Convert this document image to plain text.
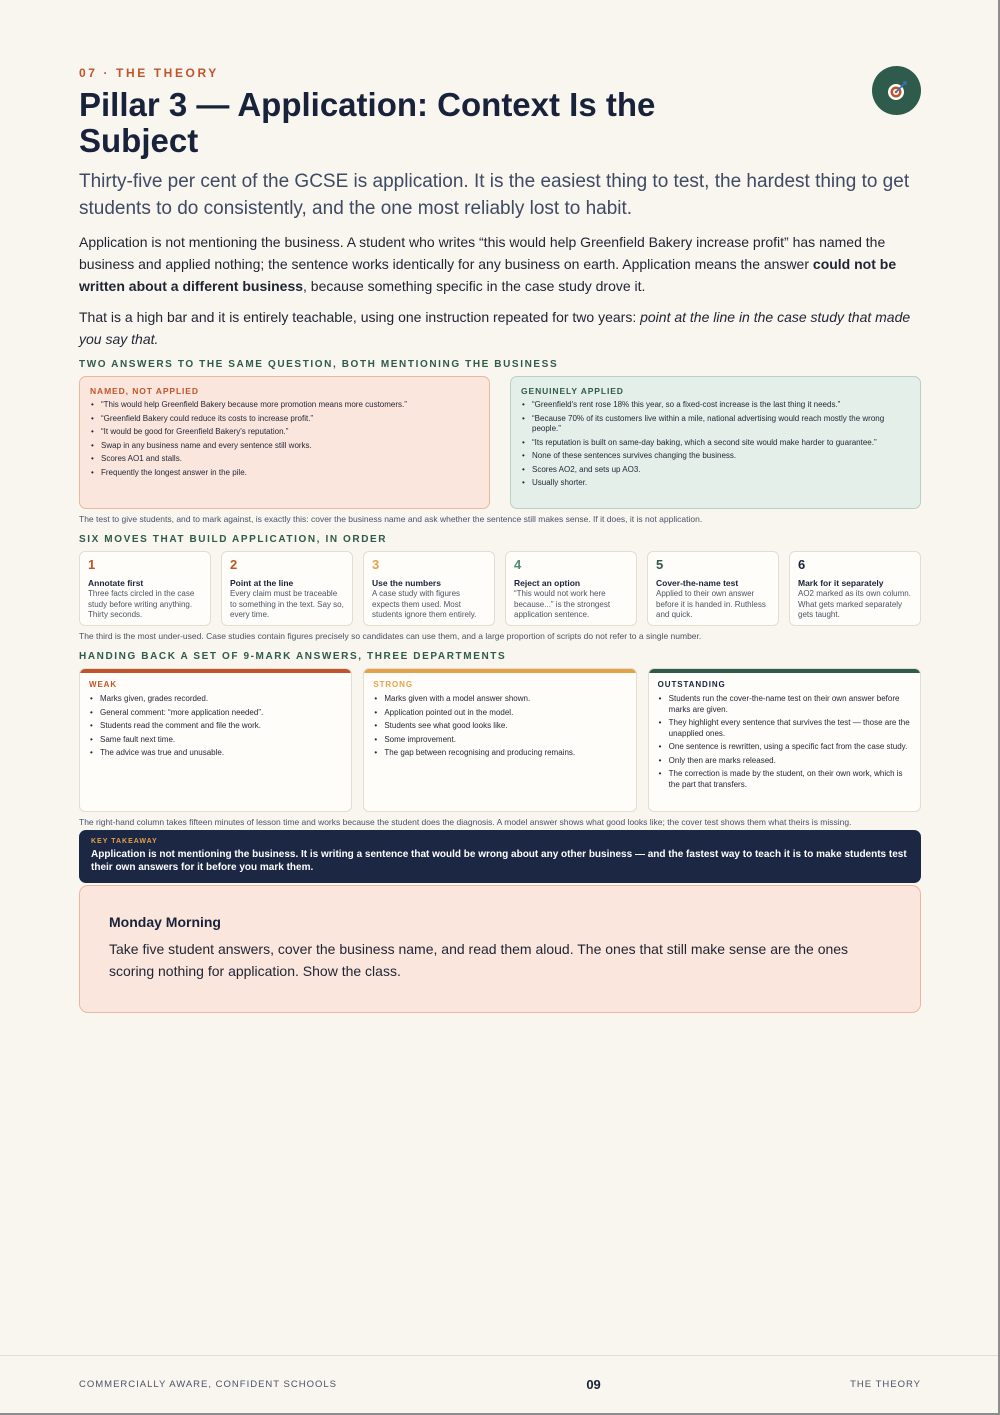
07 · THE THEORY
Pillar 3 — Application: Context Is the Subject

Thirty-five per cent of the GCSE is application. It is the easiest thing to test, the hardest thing to get students to do consistently, and the one most reliably lost to habit.

Application is not mentioning the business. A student who writes “this would help Greenfield Bakery increase profit” has named the business and applied nothing; the sentence works identically for any business on earth. Application means the answer could not be written about a different business, because something specific in the case study drove it.

That is a high bar and it is entirely teachable, using one instruction repeated for two years: point at the line in the case study that made you say that.

TWO ANSWERS TO THE SAME QUESTION, BOTH MENTIONING THE BUSINESS
NAMED, NOT APPLIED
• “This would help Greenfield Bakery because more promotion means more customers.”
• “Greenfield Bakery could reduce its costs to increase profit.”
• “It would be good for Greenfield Bakery's reputation.”
• Swap in any business name and every sentence still works.
• Scores AO1 and stalls.
• Frequently the longest answer in the pile.
GENUINELY APPLIED
• “Greenfield's rent rose 18% this year, so a fixed-cost increase is the last thing it needs.”
• “Because 70% of its customers live within a mile, national advertising would reach mostly the wrong people.”
• “Its reputation is built on same-day baking, which a second site would make harder to guarantee.”
• None of these sentences survives changing the business.
• Scores AO2, and sets up AO3.
• Usually shorter.

The test to give students, and to mark against, is exactly this: cover the business name and ask whether the sentence still makes sense. If it does, it is not application.

SIX MOVES THAT BUILD APPLICATION, IN ORDER
1
Annotate first
Three facts circled in the case study before writing anything. Thirty seconds.
2
Point at the line
Every claim must be traceable to something in the text. Say so, every time.
3
Use the numbers
A case study with figures expects them used. Most students ignore them entirely.
4
Reject an option
“This would not work here because...” is the strongest application sentence.
5
Cover-the-name test
Applied to their own answer before it is handed in. Ruthless and quick.
6
Mark for it separately
AO2 marked as its own column. What gets marked separately gets taught.

The third is the most under-used. Case studies contain figures precisely so candidates can use them, and a large proportion of scripts do not refer to a single number.

HANDING BACK A SET OF 9-MARK ANSWERS, THREE DEPARTMENTS
WEAK
• Marks given, grades recorded.
• General comment: “more application needed”.
• Students read the comment and file the work.
• Same fault next time.
• The advice was true and unusable.
STRONG
• Marks given with a model answer shown.
• Application pointed out in the model.
• Students see what good looks like.
• Some improvement.
• The gap between recognising and producing remains.
OUTSTANDING
• Students run the cover-the-name test on their own answer before marks are given.
• They highlight every sentence that survives the test — those are the unapplied ones.
• One sentence is rewritten, using a specific fact from the case study.
• Only then are marks released.
• The correction is made by the student, on their own work, which is the part that transfers.

The right-hand column takes fifteen minutes of lesson time and works because the student does the diagnosis. A model answer shows what good looks like; the cover test shows them what theirs is missing.

KEY TAKEAWAY
Application is not mentioning the business. It is writing a sentence that would be wrong about any other business — and the fastest way to teach it is to make students test their own answers for it before you mark them.
Monday Morning
Take five student answers, cover the business name, and read them aloud. The ones that still make sense are the ones scoring nothing for application. Show the class.
COMMERCIALLY AWARE, CONFIDENT SCHOOLS	09	THE THEORY
